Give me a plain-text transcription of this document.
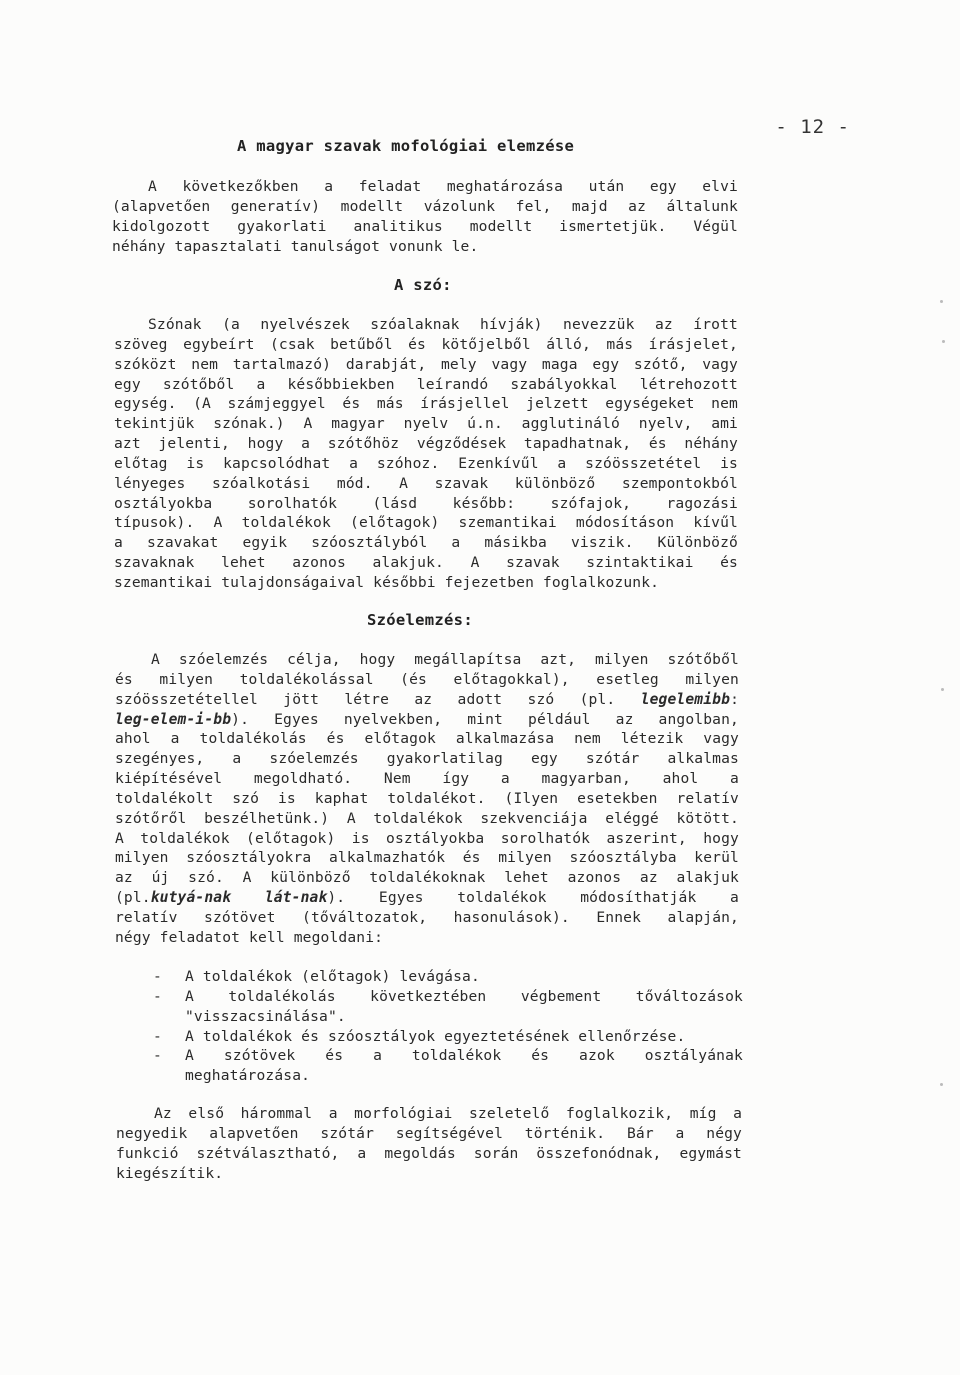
- 12 -
A magyar szavak mofológiai elemzése
A következőkben a feladat meghatározása után egy elvi
(alapvetően generatív) modellt vázolunk fel, majd az általunk
kidolgozott gyakorlati analitikus modellt ismertetjük. Végül
néhány tapasztalati tanulságot vonunk le.
A szó:
Szónak (a nyelvészek szóalaknak hívják) nevezzük az írott
szöveg egybeírt (csak betűből és kötőjelből álló, más írásjelet,
szóközt nem tartalmazó) darabját, mely vagy maga egy szótő, vagy
egy szótőből a későbbiekben leírandó szabályokkal létrehozott
egység. (A számjeggyel és más írásjellel jelzett egységeket nem
tekintjük szónak.) A magyar nyelv ú.n. agglutináló nyelv, ami
azt jelenti, hogy a szótőhöz végződések tapadhatnak, és néhány
előtag is kapcsolódhat a szóhoz. Ezenkívűl a szóösszetétel is
lényeges szóalkotási mód. A szavak különböző szempontokból
osztályokba sorolhatók (lásd később: szófajok, ragozási
típusok). A toldalékok (előtagok) szemantikai módosításon kívűl
a szavakat egyik szóosztályból a másikba viszik. Különböző
szavaknak lehet azonos alakjuk. A szavak szintaktikai és
szemantikai tulajdonságaival későbbi fejezetben foglalkozunk.
Szóelemzés:
A szóelemzés célja, hogy megállapítsa azt, milyen szótőből
és milyen toldalékolással (és előtagokkal), esetleg milyen
szóösszetétellel jött létre az adott szó (pl. legelemibb:
leg-elem-i-bb). Egyes nyelvekben, mint például az angolban,
ahol a toldalékolás és előtagok alkalmazása nem létezik vagy
szegényes, a szóelemzés gyakorlatilag egy szótár alkalmas
kiépítésével megoldható. Nem így a magyarban, ahol a
toldalékolt szó is kaphat toldalékot. (Ilyen esetekben relatív
szótőről beszélhetünk.) A toldalékok szekvenciája eléggé kötött.
A toldalékok (előtagok) is osztályokba sorolhatók aszerint, hogy
milyen szóosztályokra alkalmazhatók és milyen szóosztályba kerül
az új szó. A különböző toldalékoknak lehet azonos az alakjuk
(pl.kutyá-nak lát-nak). Egyes toldalékok módosíthatják a
relatív szótövet (tőváltozatok, hasonulások). Ennek alapján,
négy feladatot kell megoldani:
-	A toldalékok (előtagok) levágása.
-	A toldalékolás következtében végbement tőváltozások
"visszacsinálása".
-	A toldalékok és szóosztályok egyeztetésének ellenőrzése.
-	A szótövek és a toldalékok és azok osztályának
meghatározása.
Az első hárommal a morfológiai szeletelő foglalkozik, míg a
negyedik alapvetően szótár segítségével történik. Bár a négy
funkció szétválasztható, a megoldás során összefonódnak, egymást
kiegészítik.
